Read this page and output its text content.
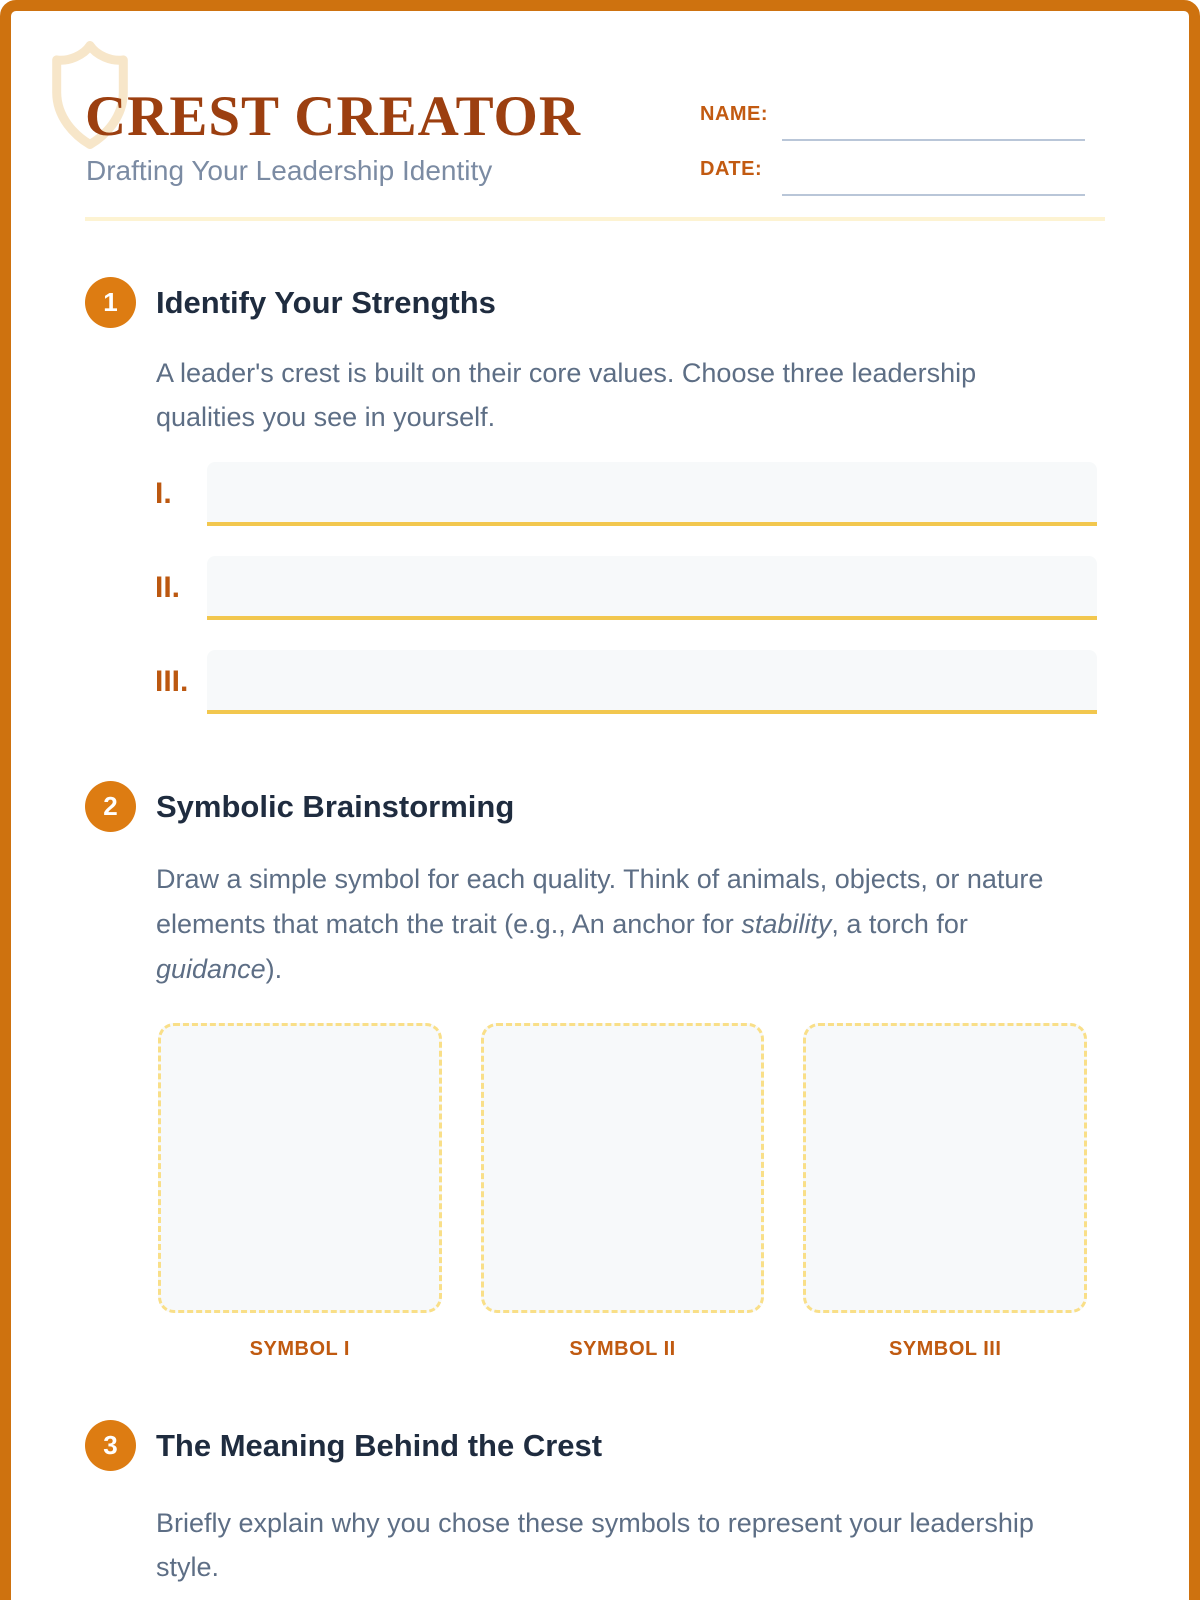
CREST CREATOR
Drafting Your Leadership Identity
NAME:
DATE:
1	Identify Your Strengths

A leader's crest is built on their core values. Choose three leadership qualities you see in yourself.

I.
II.
III.
2	Symbolic Brainstorming

Draw a simple symbol for each quality. Think of animals, objects, or nature elements that match the trait (e.g., An anchor for stability, a torch for guidance).

SYMBOL I	SYMBOL II	SYMBOL III
3	The Meaning Behind the Crest

Briefly explain why you chose these symbols to represent your leadership style.
